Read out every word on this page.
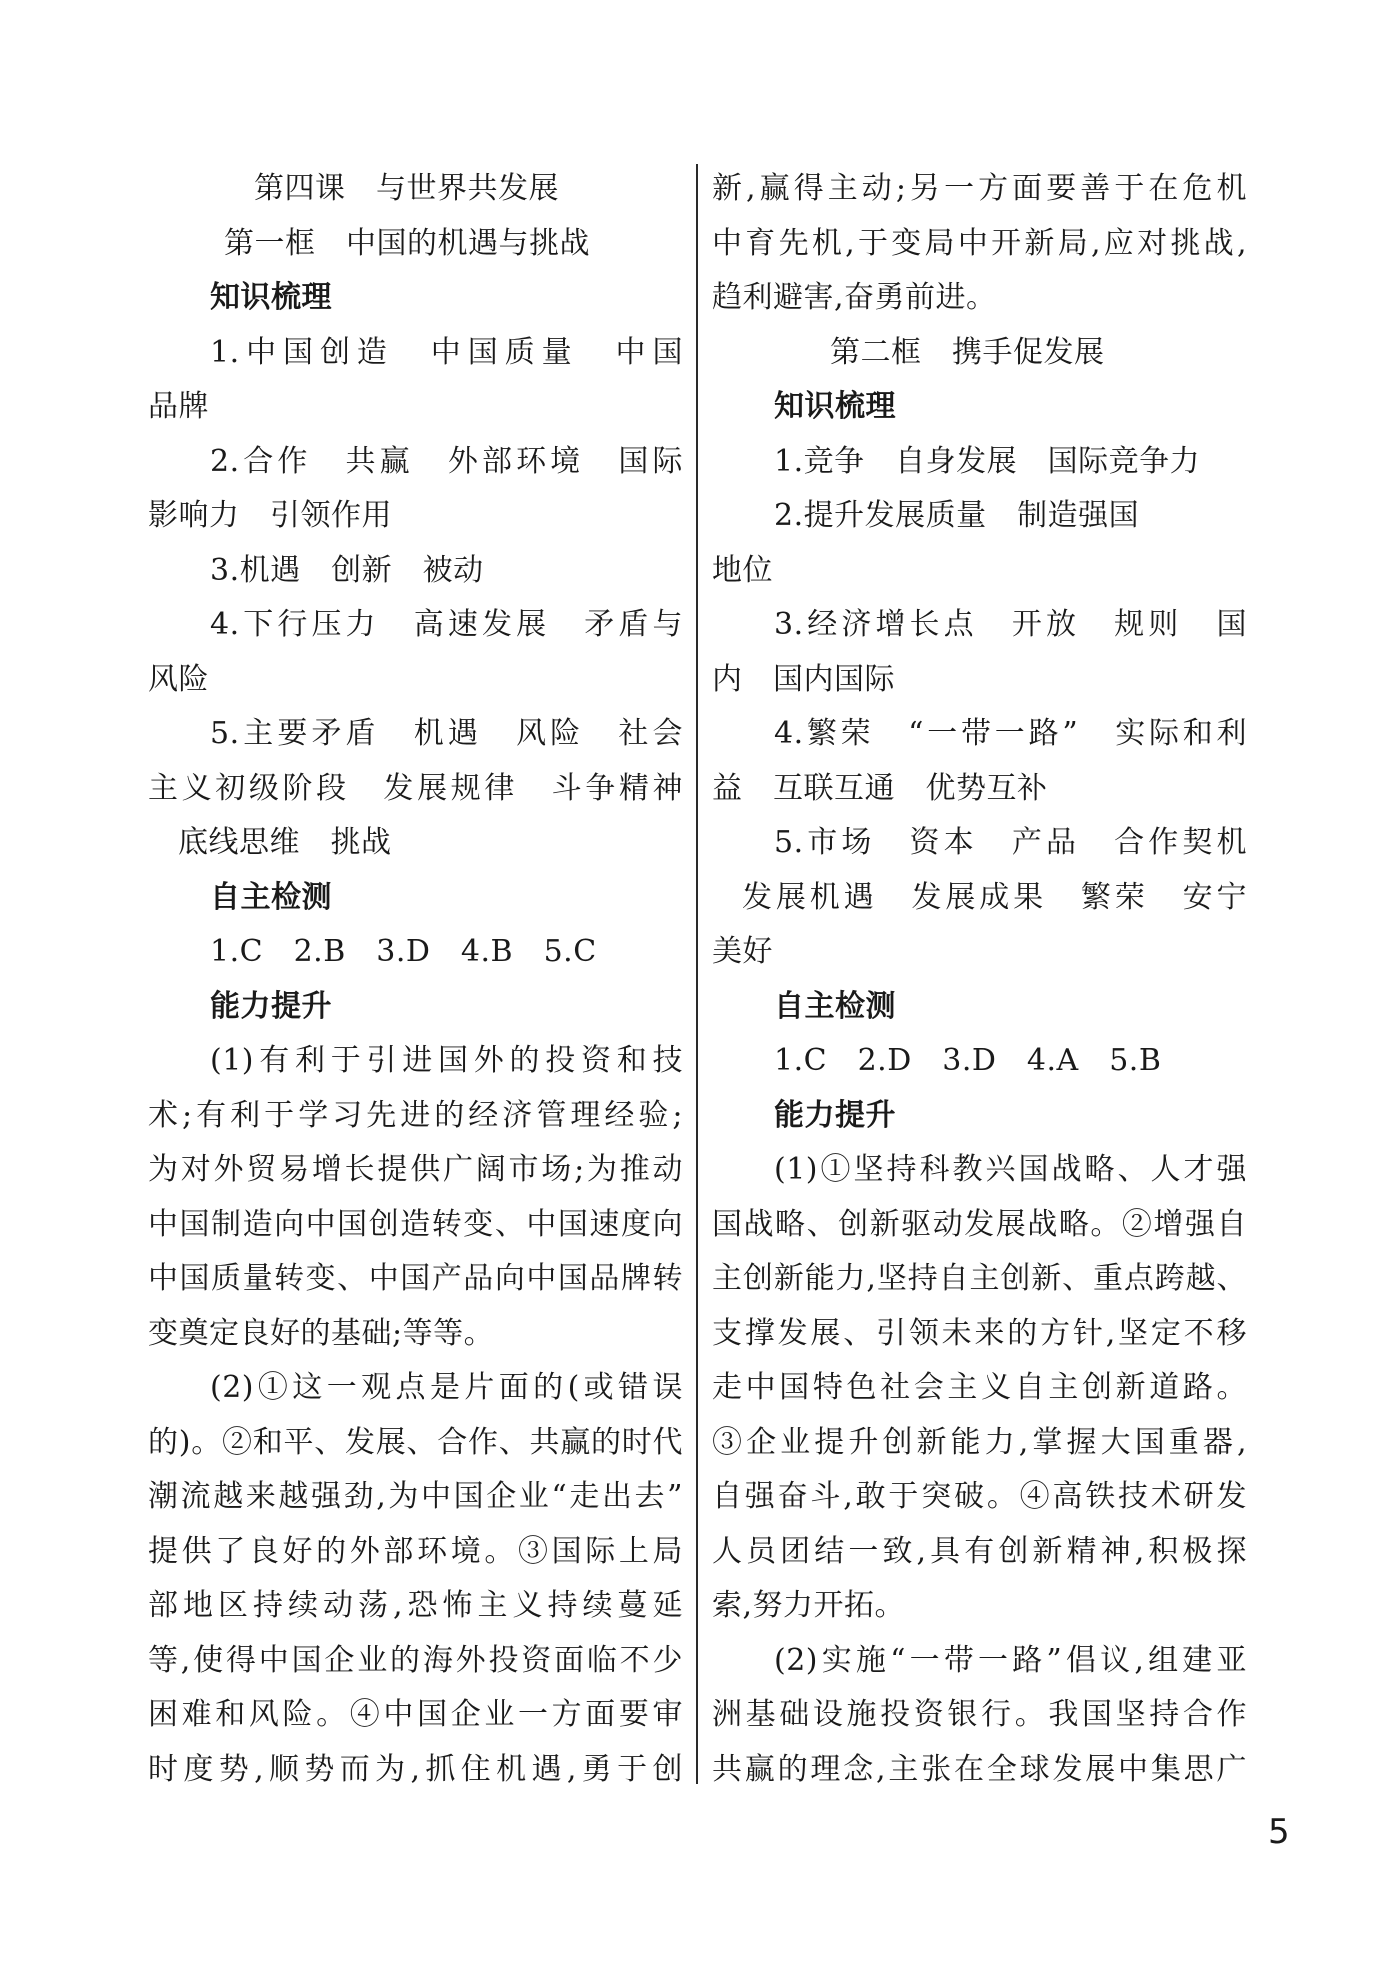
第四课　与世界共发展
第一框　中国的机遇与挑战
知识梳理
1.中国创造　中国质量　中国
品牌
2.合作　共赢　外部环境　国际
影响力　引领作用
3.机遇　创新　被动
4.下行压力　高速发展　矛盾与
风险
5.主要矛盾　机遇　风险　社会
主义初级阶段　发展规律　斗争精神
底线思维　挑战
自主检测
1.C　2.B　3.D　4.B　5.C
能力提升
(1)有利于引进国外的投资和技
术;有利于学习先进的经济管理经验;
为对外贸易增长提供广阔市场;为推动
中国制造向中国创造转变、中国速度向
中国质量转变、中国产品向中国品牌转
变奠定良好的基础;等等。
(2)①这一观点是片面的(或错误
的)。②和平、发展、合作、共赢的时代
潮流越来越强劲,为中国企业“走出去”
提供了良好的外部环境。③国际上局
部地区持续动荡,恐怖主义持续蔓延
等,使得中国企业的海外投资面临不少
困难和风险。④中国企业一方面要审
时度势,顺势而为,抓住机遇,勇于创
新,赢得主动;另一方面要善于在危机
中育先机,于变局中开新局,应对挑战,
趋利避害,奋勇前进。
第二框　携手促发展
知识梳理
1.竞争　自身发展　国际竞争力
2.提升发展质量　制造强国
地位
3.经济增长点　开放　规则　国
内　国内国际
4.繁荣　“一带一路”　实际和利
益　互联互通　优势互补
5.市场　资本　产品　合作契机
发展机遇　发展成果　繁荣　安宁
美好
自主检测
1.C　2.D　3.D　4.A　5.B
能力提升
(1)①坚持科教兴国战略、人才强
国战略、创新驱动发展战略。②增强自
主创新能力,坚持自主创新、重点跨越、
支撑发展、引领未来的方针,坚定不移
走中国特色社会主义自主创新道路。
③企业提升创新能力,掌握大国重器,
自强奋斗,敢于突破。④高铁技术研发
人员团结一致,具有创新精神,积极探
索,努力开拓。
(2)实施“一带一路”倡议,组建亚
洲基础设施投资银行。我国坚持合作
共赢的理念,主张在全球发展中集思广
5
